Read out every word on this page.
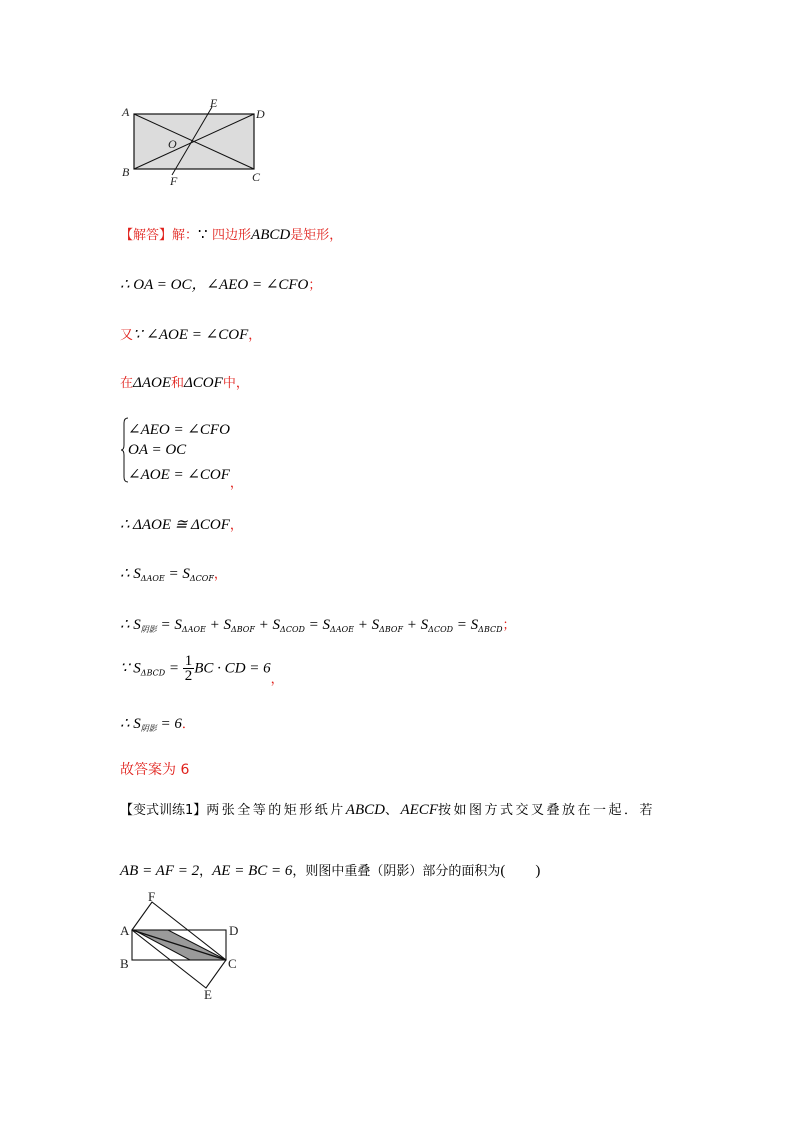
A
E
D
O
B
F	C
【解答】解：∵ 四边形ABCD是矩形，
∴ OA = OC，∠AEO = ∠CFO；
又∵ ∠AOE = ∠COF，
在ΔAOE和ΔCOF中，
∠AEO = ∠CFO
OA = OC
∠AOE = ∠COF，
∴ ΔAOE ≅ ΔCOF，
∴ $S_{\Delta AOE} = S_{\Delta COF}$，
∴ $S_{阴影} = S_{\Delta AOE} + S_{\Delta BOF} + S_{\Delta COD} = S_{\Delta AOE} + S_{\Delta BOF} + S_{\Delta COD} = S_{\Delta BCD}$；
∵ $S_{\Delta BCD} = \frac{1}{2}$ BC · CD = 6，
∴ $S_{阴影} = 6$．
故答案为 6
【变式训练1】两张全等的矩形纸片ABCD、AECF按如图方式交叉叠放在一起．若
AB = AF = 2，AE = BC = 6，则图中重叠（阴影）部分的面积为(　　)
F
A	D
B	C
E
